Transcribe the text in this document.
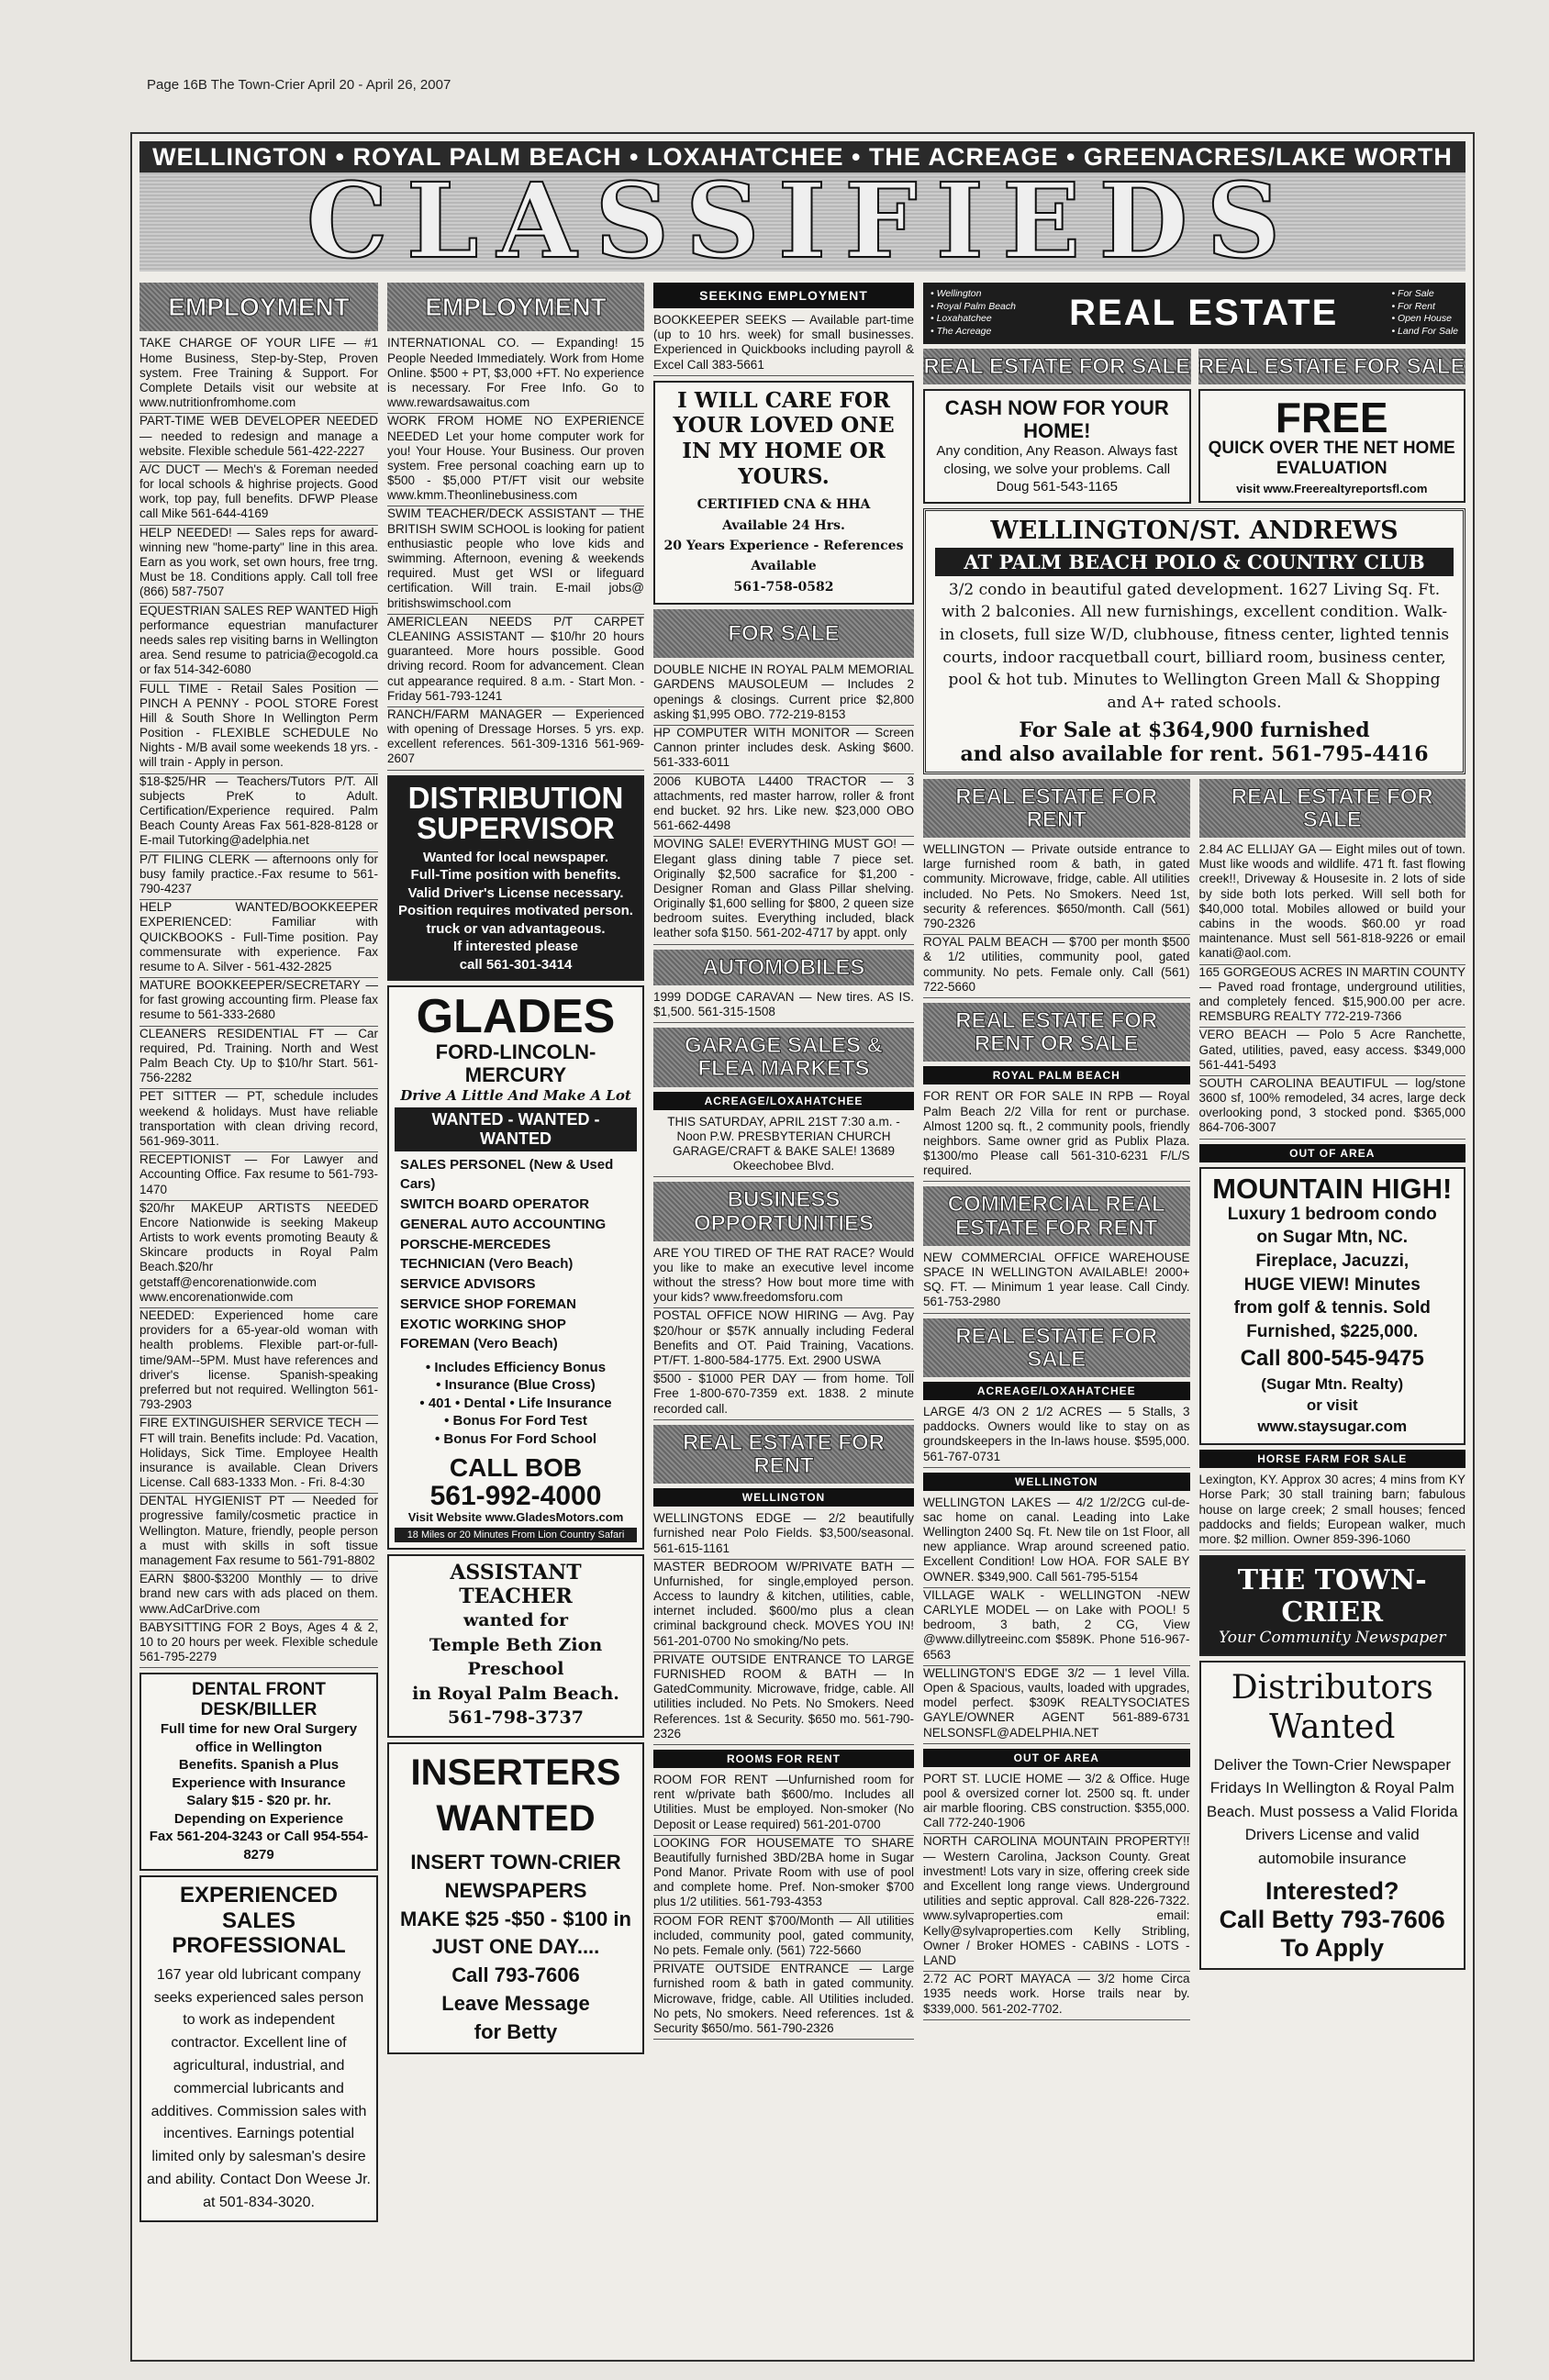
Page 16B The Town-Crier April 20 - April 26, 2007
WELLINGTON • ROYAL PALM BEACH • LOXAHATCHEE • THE ACREAGE • GREENACRES/LAKE WORTH
CLASSIFIEDS
EMPLOYMENT
TAKE CHARGE OF YOUR LIFE — #1 Home Business, Step-by-Step, Proven system. Free Training & Support. For Complete Details visit our website at www.nutritionfromhome.com
PART-TIME WEB DEVELOPER NEEDED — needed to redesign and manage a website. Flexible schedule 561-422-2227
A/C DUCT — Mech's & Foreman needed for local schools & highrise projects. Good work, top pay, full benefits. DFWP Please call Mike 561-644-4169
HELP NEEDED! — Sales reps for award-winning new "home-party" line in this area. Earn as you work, set own hours, free trng. Must be 18. Conditions apply. Call toll free (866) 587-7507
EQUESTRIAN SALES REP WANTED High performance equestrian manufacturer needs sales rep visiting barns in Wellington area. Send resume to patricia@ecogold.ca or fax 514-342-6080
FULL TIME - Retail Sales Position — PINCH A PENNY - POOL STORE Forest Hill & South Shore In Wellington Perm Position - FLEXIBLE SCHEDULE No Nights - M/B avail some weekends 18 yrs. - will train - Apply in person.
$18-$25/HR — Teachers/Tutors P/T. All subjects PreK to Adult. Certification/Experience required. Palm Beach County Areas Fax 561-828-8128 or E-mail Tutorking@adelphia.net
P/T FILING CLERK — afternoons only for busy family practice.-Fax resume to 561-790-4237
HELP WANTED/BOOKKEEPER EXPERIENCED: Familiar with QUICKBOOKS - Full-Time position. Pay commensurate with experience. Fax resume to A. Silver - 561-432-2825
MATURE BOOKKEEPER/SECRETARY — for fast growing accounting firm. Please fax resume to 561-333-2680
CLEANERS RESIDENTIAL FT — Car required, Pd. Training. North and West Palm Beach Cty. Up to $10/hr Start. 561-756-2282
PET SITTER — PT, schedule includes weekend & holidays. Must have reliable transportation with clean driving record, 561-969-3011.
RECEPTIONIST — For Lawyer and Accounting Office. Fax resume to 561-793-1470
$20/hr MAKEUP ARTISTS NEEDED Encore Nationwide is seeking Makeup Artists to work events promoting Beauty & Skincare products in Royal Palm Beach.$20/hr getstaff@encorenationwide.com www.encorenationwide.com
NEEDED: Experienced home care providers for a 65-year-old woman with health problems. Flexible part-or-full-time/9AM--5PM. Must have references and driver's license. Spanish-speaking preferred but not required. Wellington 561-793-2903
FIRE EXTINGUISHER SERVICE TECH — FT will train. Benefits include: Pd. Vacation, Holidays, Sick Time. Employee Health insurance is available. Clean Drivers License. Call 683-1333 Mon. - Fri. 8-4:30
DENTAL HYGIENIST PT — Needed for progressive family/cosmetic practice in Wellington. Mature, friendly, people person a must with skills in soft tissue management Fax resume to 561-791-8802
EARN $800-$3200 Monthly — to drive brand new cars with ads placed on them. www.AdCarDrive.com
BABYSITTING FOR 2 Boys, Ages 4 & 2, 10 to 20 hours per week. Flexible schedule 561-795-2279
DENTAL FRONT DESK/BILLER
Full time for new Oral Surgery
office in Wellington
Benefits. Spanish a Plus
Experience with Insurance
Salary $15 - $20 pr. hr.
Depending on Experience
Fax 561-204-3243 or Call 954-554-8279
EXPERIENCED SALES PROFESSIONAL
167 year old lubricant company seeks experienced sales person to work as independent contractor. Excellent line of agricultural, industrial, and commercial lubricants and additives. Commission sales with incentives. Earnings potential limited only by salesman's desire and ability. Contact Don Weese Jr. at 501-834-3020.
EMPLOYMENT
INTERNATIONAL CO. — Expanding! 15 People Needed Immediately. Work from Home Online. $500 + PT, $3,000 +FT. No experience is necessary. For Free Info. Go to www.rewardsawaitus.com
WORK FROM HOME NO EXPERIENCE NEEDED Let your home computer work for you! Your House. Your Business. Our proven system. Free personal coaching earn up to $500 - $5,000 PT/FT visit our website www.kmm.Theonlinebusiness.com
SWIM TEACHER/DECK ASSISTANT — THE BRITISH SWIM SCHOOL is looking for patient enthusiastic people who love kids and swimming. Afternoon, evening & weekends required. Must get WSI or lifeguard certification. Will train. E-mail jobs@ britishswimschool.com
AMERICLEAN NEEDS P/T CARPET CLEANING ASSISTANT — $10/hr 20 hours guaranteed. More hours possible. Good driving record. Room for advancement. Clean cut appearance required. 8 a.m. - Start Mon. - Friday 561-793-1241
RANCH/FARM MANAGER — Experienced with opening of Dressage Horses. 5 yrs. exp. excellent references. 561-309-1316 561-969-2607
DISTRIBUTION SUPERVISOR
Wanted for local newspaper.
Full-Time position with benefits.
Valid Driver's License necessary.
Position requires motivated person.
truck or van advantageous.
If interested please
call 561-301-3414
GLADES
FORD-LINCOLN-MERCURY
Drive A Little And Make A Lot
WANTED - WANTED - WANTED
SALES PERSONEL (New & Used Cars)
SWITCH BOARD OPERATOR
GENERAL AUTO ACCOUNTING
PORSCHE-MERCEDES TECHNICIAN (Vero Beach)
SERVICE ADVISORS
SERVICE SHOP FOREMAN
EXOTIC WORKING SHOP FOREMAN (Vero Beach)
• Includes Efficiency Bonus
• Insurance (Blue Cross)
• 401 • Dental • Life Insurance
• Bonus For Ford Test
• Bonus For Ford School
CALL BOB
561-992-4000
Visit Website www.GladesMotors.com
18 Miles or 20 Minutes From Lion Country Safari
ASSISTANT TEACHER
wanted for
Temple Beth Zion Preschool
in Royal Palm Beach.
561-798-3737
INSERTERS WANTED
INSERT TOWN-CRIER NEWSPAPERS
MAKE $25 -$50 - $100 in JUST ONE DAY....
Call 793-7606
Leave Message
for Betty
SEEKING EMPLOYMENT
BOOKKEEPER SEEKS — Available part-time (up to 10 hrs. week) for small businesses. Experienced in Quickbooks including payroll & Excel Call 383-5661
I WILL CARE FOR YOUR LOVED ONE IN MY HOME OR YOURS.
CERTIFIED CNA & HHA
Available 24 Hrs.
20 Years Experience - References Available
561-758-0582
FOR SALE
DOUBLE NICHE IN ROYAL PALM MEMORIAL GARDENS MAUSOLEUM — Includes 2 openings & closings. Current price $2,800 asking $1,995 OBO. 772-219-8153
HP COMPUTER WITH MONITOR — Screen Cannon printer includes desk. Asking $600. 561-333-6011
2006 KUBOTA L4400 TRACTOR — 3 attachments, red master harrow, roller & front end bucket. 92 hrs. Like new. $23,000 OBO 561-662-4498
MOVING SALE! EVERYTHING MUST GO! — Elegant glass dining table 7 piece set. Originally $2,500 sacrafice for $1,200 - Designer Roman and Glass Pillar shelving. Originally $1,600 selling for $800, 2 queen size bedroom suites. Everything included, black leather sofa $150. 561-202-4717 by appt. only
AUTOMOBILES
1999 DODGE CARAVAN — New tires. AS IS. $1,500. 561-315-1508
GARAGE SALES & FLEA MARKETS
ACREAGE/LOXAHATCHEE
THIS SATURDAY, APRIL 21ST 7:30 a.m. - Noon P.W. PRESBYTERIAN CHURCH GARAGE/CRAFT & BAKE SALE! 13689 Okeechobee Blvd.
BUSINESS OPPORTUNITIES
ARE YOU TIRED OF THE RAT RACE? Would you like to make an executive level income without the stress? How bout more time with your kids? www.freedomsforu.com
POSTAL OFFICE NOW HIRING — Avg. Pay $20/hour or $57K annually including Federal Benefits and OT. Paid Training, Vacations. PT/FT. 1-800-584-1775. Ext. 2900 USWA
$500 - $1000 PER DAY — from home. Toll Free 1-800-670-7359 ext. 1838. 2 minute recorded call.
REAL ESTATE FOR RENT
WELLINGTON
WELLINGTONS EDGE — 2/2 beautifully furnished near Polo Fields. $3,500/seasonal. 561-615-1161
MASTER BEDROOM W/PRIVATE BATH — Unfurnished, for single,employed person. Access to laundry & kitchen, utilities, cable, internet included. $600/mo plus a clean criminal background check. MOVES YOU IN! 561-201-0700 No smoking/No pets.
PRIVATE OUTSIDE ENTRANCE TO LARGE FURNISHED ROOM & BATH — In GatedCommunity. Microwave, fridge, cable. All utilities included. No Pets. No Smokers. Need References. 1st & Security. $650 mo. 561-790-2326
ROOMS FOR RENT
ROOM FOR RENT —Unfurnished room for rent w/private bath $600/mo. Includes all Utilities. Must be employed. Non-smoker (No Deposit or Lease required) 561-201-0700
LOOKING FOR HOUSEMATE TO SHARE Beautifully furnished 3BD/2BA home in Sugar Pond Manor. Private Room with use of pool and complete home. Pref. Non-smoker $700 plus 1/2 utilities. 561-793-4353
ROOM FOR RENT $700/Month — All utilities included, community pool, gated community, No pets. Female only. (561) 722-5660
PRIVATE OUTSIDE ENTRANCE — Large furnished room & bath in gated community. Microwave, fridge, cable. All Utilities included. No pets, No smokers. Need references. 1st & Security $650/mo. 561-790-2326
• Wellington
• Royal Palm Beach
• Loxahatchee
• The Acreage	REAL ESTATE	• For Sale
• For Rent
• Open House
• Land For Sale
REAL ESTATE FOR SALE
CASH NOW FOR YOUR HOME!
Any condition, Any Reason. Always fast closing, we solve your problems. Call Doug 561-543-1165
REAL ESTATE FOR SALE
FREE
QUICK OVER THE NET HOME EVALUATION
visit www.Freerealtyreportsfl.com
WELLINGTON/ST. ANDREWS
AT PALM BEACH POLO & COUNTRY CLUB
3/2 condo in beautiful gated development. 1627 Living Sq. Ft. with 2 balconies. All new furnishings, excellent condition. Walk-in closets, full size W/D, clubhouse, fitness center, lighted tennis courts, indoor racquetball court, billiard room, business center, pool & hot tub. Minutes to Wellington Green Mall & Shopping and A+ rated schools.
For Sale at $364,900 furnished
and also available for rent. 561-795-4416
REAL ESTATE FOR RENT
WELLINGTON — Private outside entrance to large furnished room & bath, in gated community. Microwave, fridge, cable. All utilities included. No Pets. No Smokers. Need 1st, security & references. $650/month. Call (561) 790-2326
ROYAL PALM BEACH — $700 per month $500 & 1/2 utilities, community pool, gated community. No pets. Female only. Call (561) 722-5660
REAL ESTATE FOR RENT OR SALE
ROYAL PALM BEACH
FOR RENT OR FOR SALE IN RPB — Royal Palm Beach 2/2 Villa for rent or purchase. Almost 1200 sq. ft., 2 community pools, friendly neighbors. Same owner grid as Publix Plaza. $1300/mo Please call 561-310-6231 F/L/S required.
COMMERCIAL REAL ESTATE FOR RENT
NEW COMMERCIAL OFFICE WAREHOUSE SPACE IN WELLINGTON AVAILABLE! 2000+ SQ. FT. — Minimum 1 year lease. Call Cindy. 561-753-2980
REAL ESTATE FOR SALE
ACREAGE/LOXAHATCHEE
LARGE 4/3 ON 2 1/2 ACRES — 5 Stalls, 3 paddocks. Owners would like to stay on as groundskeepers in the In-laws house. $595,000. 561-767-0731
WELLINGTON
WELLINGTON LAKES — 4/2 1/2/2CG cul-de-sac home on canal. Leading into Lake Wellington 2400 Sq. Ft. New tile on 1st Floor, all new appliance. Wrap around screened patio. Excellent Condition! Low HOA. FOR SALE BY OWNER. $349,900. Call 561-795-5154
VILLAGE WALK - WELLINGTON -NEW CARLYLE MODEL — on Lake with POOL! 5 bedroom, 3 bath, 2 CG, View @www.dillytreeinc.com $589K. Phone 516-967-6563
WELLINGTON'S EDGE 3/2 — 1 level Villa. Open & Spacious, vaults, loaded with upgrades, model perfect. $309K REALTYSOCIATES GAYLE/OWNER AGENT 561-889-6731 NELSONSFL@ADELPHIA.NET
OUT OF AREA
PORT ST. LUCIE HOME — 3/2 & Office. Huge pool & oversized corner lot. 2500 sq. ft. under air marble flooring. CBS construction. $355,000. Call 772-240-1906
NORTH CAROLINA MOUNTAIN PROPERTY!! — Western Carolina, Jackson County. Great investment! Lots vary in size, offering creek side and Excellent long range views. Underground utilities and septic approval. Call 828-226-7322. www.sylvaproperties.com email: Kelly@sylvaproperties.com Kelly Stribling, Owner / Broker HOMES - CABINS - LOTS - LAND
2.72 AC PORT MAYACA — 3/2 home Circa 1935 needs work. Horse trails near by. $339,000. 561-202-7702.
REAL ESTATE FOR SALE
2.84 AC ELLIJAY GA — Eight miles out of town. Must like woods and wildlife. 471 ft. fast flowing creek!!, Driveway & Housesite in. 2 lots of side by side both lots perked. Will sell both for $40,000 total. Mobiles allowed or build your cabins in the woods. $60.00 yr road maintenance. Must sell 561-818-9226 or email kanati@aol.com.
165 GORGEOUS ACRES IN MARTIN COUNTY — Paved road frontage, underground utilities, and completely fenced. $15,900.00 per acre. REMSBURG REALTY 772-219-7366
VERO BEACH — Polo 5 Acre Ranchette, Gated, utilities, paved, easy access. $349,000 561-441-5493
SOUTH CAROLINA BEAUTIFUL — log/stone 3600 sf, 100% remodeled, 34 acres, large deck overlooking pond, 3 stocked pond. $365,000 864-706-3007
OUT OF AREA
MOUNTAIN HIGH!
Luxury 1 bedroom condo
on Sugar Mtn, NC.
Fireplace, Jacuzzi,
HUGE VIEW! Minutes
from golf & tennis. Sold
Furnished, $225,000.
Call 800-545-9475
(Sugar Mtn. Realty)
or visit
www.staysugar.com
HORSE FARM FOR SALE
Lexington, KY. Approx 30 acres; 4 mins from KY Horse Park; 30 stall training barn; fabulous house on large creek; 2 small houses; fenced paddocks and fields; European walker, much more. $2 million. Owner 859-396-1060
THE TOWN-CRIER
Your Community Newspaper
Distributors Wanted
Deliver the Town-Crier Newspaper Fridays In Wellington & Royal Palm Beach. Must possess a Valid Florida Drivers License and valid automobile insurance
Interested?
Call Betty 793-7606
To Apply
